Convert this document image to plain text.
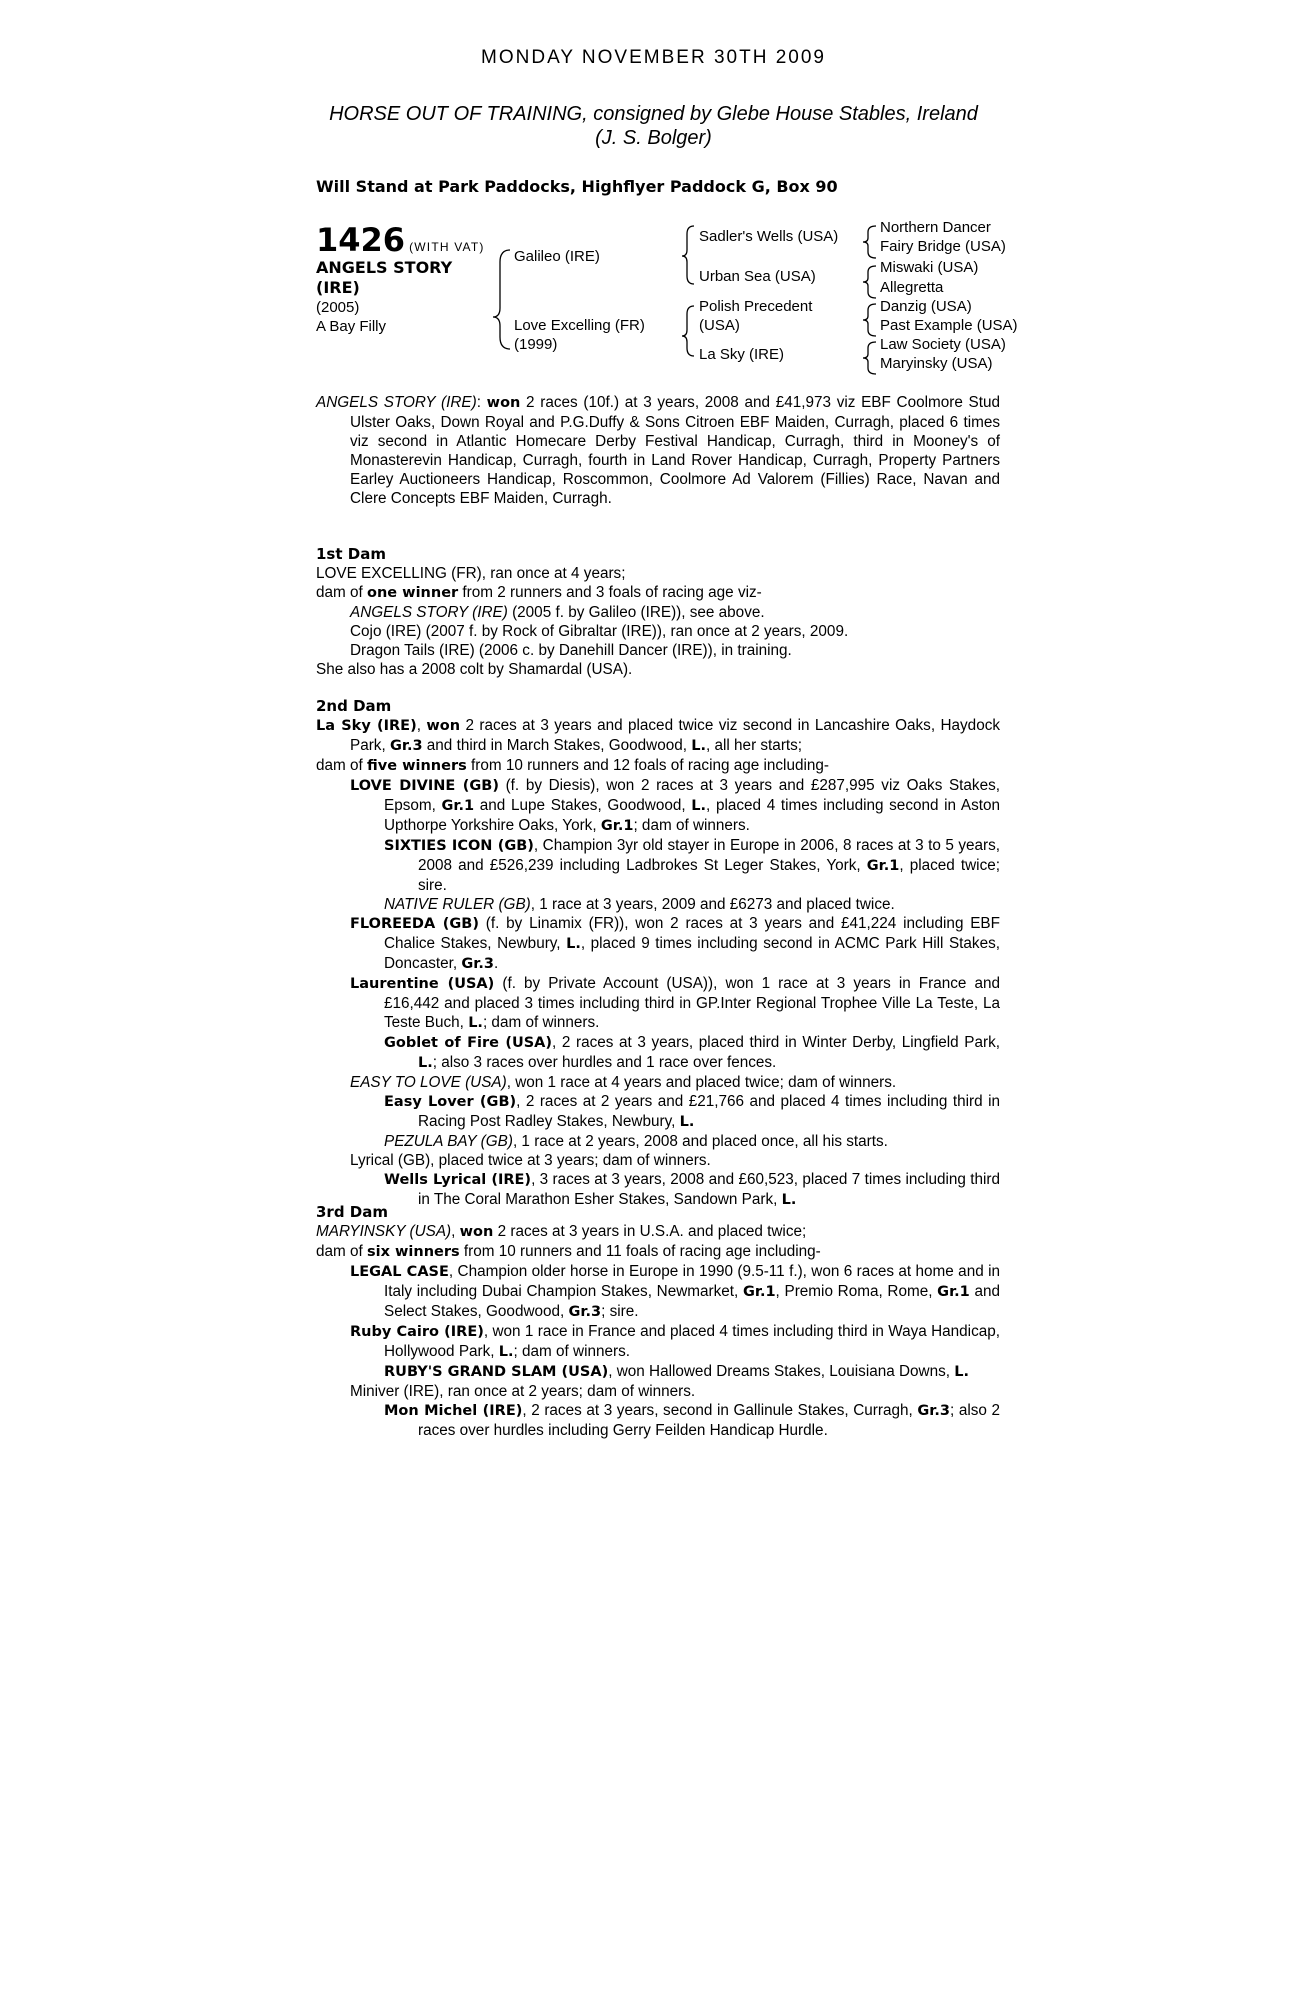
MONDAY NOVEMBER 30TH 2009
HORSE OUT OF TRAINING, consigned by Glebe House Stables, Ireland
(J. S. Bolger)
Will Stand at Park Paddocks, Highflyer Paddock G, Box 90
1426 (WITH VAT)
ANGELS STORY
(IRE)
(2005)
A Bay Filly
Galileo (IRE)
Love Excelling (FR)
(1999)
Sadler's Wells (USA)
Urban Sea (USA)
Polish Precedent
(USA)
La Sky (IRE)
Northern Dancer
Fairy Bridge (USA)
Miswaki (USA)
Allegretta
Danzig (USA)
Past Example (USA)
Law Society (USA)
Maryinsky (USA)

ANGELS STORY (IRE): won 2 races (10f.) at 3 years, 2008 and £41,973 viz EBF Coolmore Stud Ulster Oaks, Down Royal and P.G.Duffy & Sons Citroen EBF Maiden, Curragh, placed 6 times viz second in Atlantic Homecare Derby Festival Handicap, Curragh, third in Mooney's of Monasterevin Handicap, Curragh, fourth in Land Rover Handicap, Curragh, Property Partners Earley Auctioneers Handicap, Roscommon, Coolmore Ad Valorem (Fillies) Race, Navan and Clere Concepts EBF Maiden, Curragh.

1st Dam

LOVE EXCELLING (FR), ran once at 4 years;

dam of one winner from 2 runners and 3 foals of racing age viz-

ANGELS STORY (IRE) (2005 f. by Galileo (IRE)), see above.

Cojo (IRE) (2007 f. by Rock of Gibraltar (IRE)), ran once at 2 years, 2009.

Dragon Tails (IRE) (2006 c. by Danehill Dancer (IRE)), in training.

She also has a 2008 colt by Shamardal (USA).

2nd Dam

La Sky (IRE), won 2 races at 3 years and placed twice viz second in Lancashire Oaks, Haydock Park, Gr.3 and third in March Stakes, Goodwood, L., all her starts;

dam of five winners from 10 runners and 12 foals of racing age including-

LOVE DIVINE (GB) (f. by Diesis), won 2 races at 3 years and £287,995 viz Oaks Stakes, Epsom, Gr.1 and Lupe Stakes, Goodwood, L., placed 4 times including second in Aston Upthorpe Yorkshire Oaks, York, Gr.1; dam of winners.

SIXTIES ICON (GB), Champion 3yr old stayer in Europe in 2006, 8 races at 3 to 5 years, 2008 and £526,239 including Ladbrokes St Leger Stakes, York, Gr.1, placed twice; sire.

NATIVE RULER (GB), 1 race at 3 years, 2009 and £6273 and placed twice.

FLOREEDA (GB) (f. by Linamix (FR)), won 2 races at 3 years and £41,224 including EBF Chalice Stakes, Newbury, L., placed 9 times including second in ACMC Park Hill Stakes, Doncaster, Gr.3.

Laurentine (USA) (f. by Private Account (USA)), won 1 race at 3 years in France and £16,442 and placed 3 times including third in GP.Inter Regional Trophee Ville La Teste, La Teste Buch, L.; dam of winners.

Goblet of Fire (USA), 2 races at 3 years, placed third in Winter Derby, Lingfield Park, L.; also 3 races over hurdles and 1 race over fences.

EASY TO LOVE (USA), won 1 race at 4 years and placed twice; dam of winners.

Easy Lover (GB), 2 races at 2 years and £21,766 and placed 4 times including third in Racing Post Radley Stakes, Newbury, L.

PEZULA BAY (GB), 1 race at 2 years, 2008 and placed once, all his starts.

Lyrical (GB), placed twice at 3 years; dam of winners.

Wells Lyrical (IRE), 3 races at 3 years, 2008 and £60,523, placed 7 times including third in The Coral Marathon Esher Stakes, Sandown Park, L.

3rd Dam

MARYINSKY (USA), won 2 races at 3 years in U.S.A. and placed twice;

dam of six winners from 10 runners and 11 foals of racing age including-

LEGAL CASE, Champion older horse in Europe in 1990 (9.5-11 f.), won 6 races at home and in Italy including Dubai Champion Stakes, Newmarket, Gr.1, Premio Roma, Rome, Gr.1 and Select Stakes, Goodwood, Gr.3; sire.

Ruby Cairo (IRE), won 1 race in France and placed 4 times including third in Waya Handicap, Hollywood Park, L.; dam of winners.

RUBY'S GRAND SLAM (USA), won Hallowed Dreams Stakes, Louisiana Downs, L.

Miniver (IRE), ran once at 2 years; dam of winners.

Mon Michel (IRE), 2 races at 3 years, second in Gallinule Stakes, Curragh, Gr.3; also 2 races over hurdles including Gerry Feilden Handicap Hurdle.
